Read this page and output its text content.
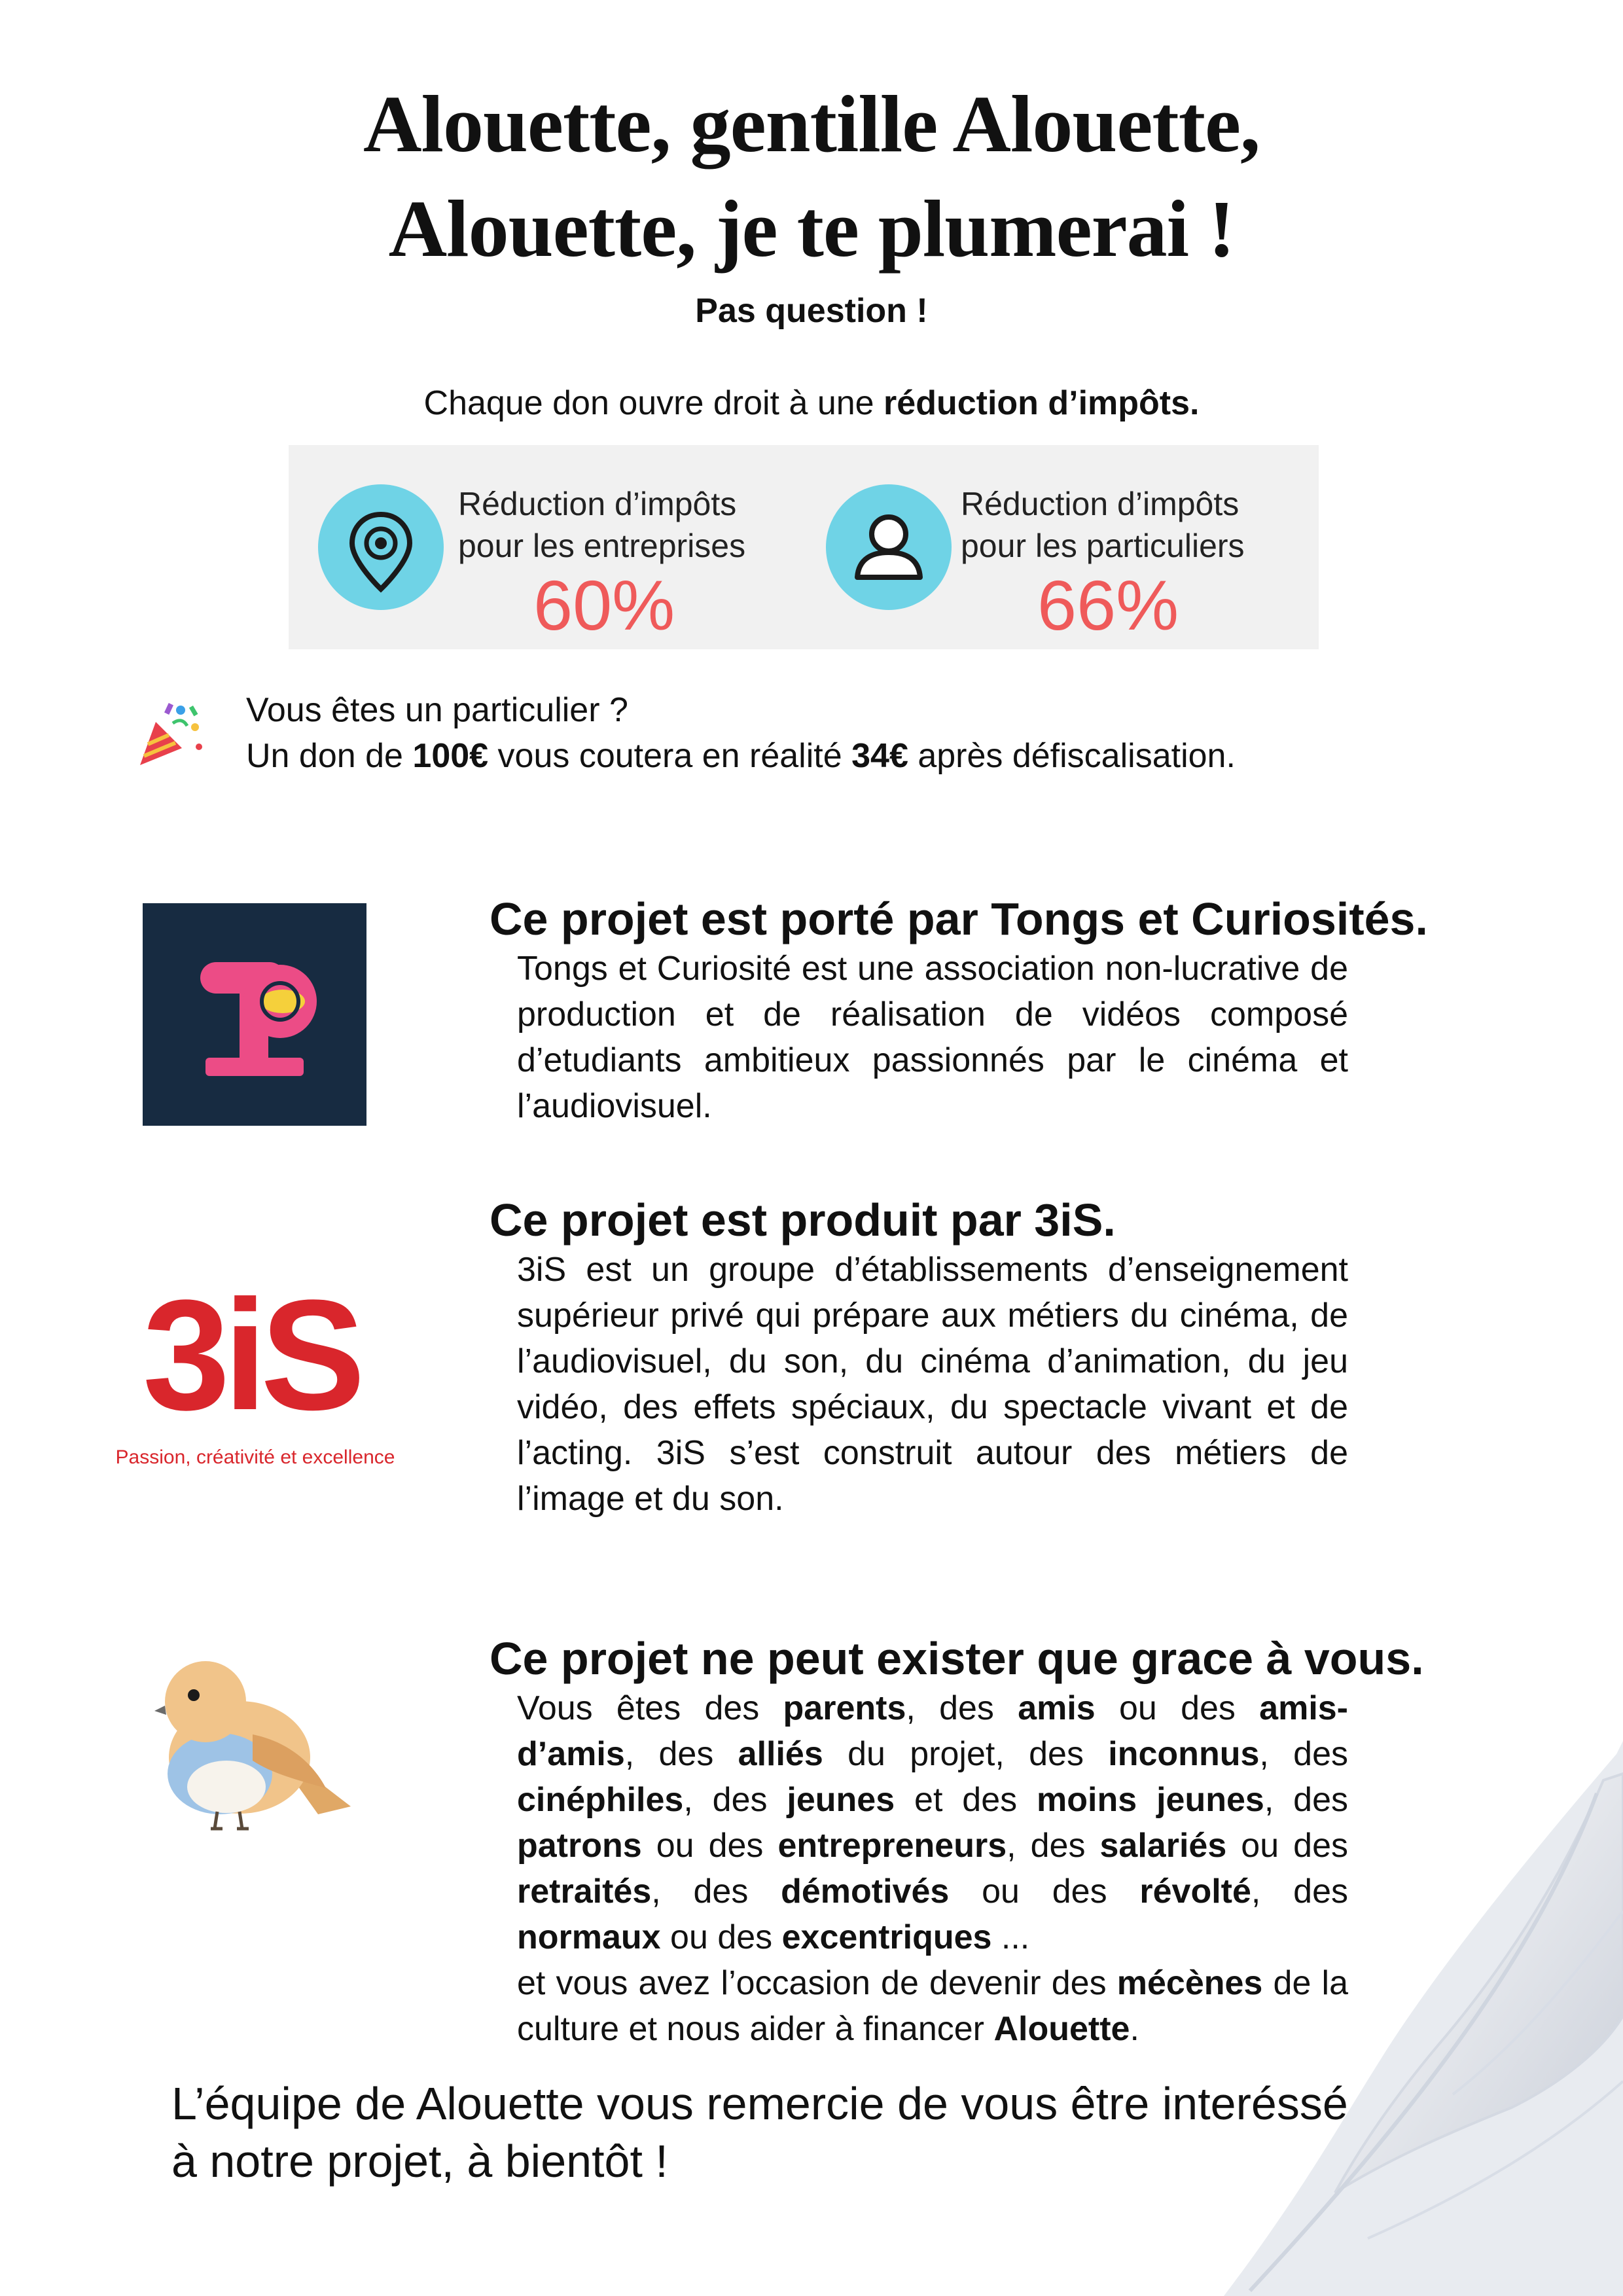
Alouette, gentille Alouette,
Alouette, je te plumerai !
Pas question !
Chaque don ouvre droit à une réduction d’impôts.
Réduction d’impôts
pour les entreprises
60%
Réduction d’impôts
pour les particuliers
66%
Vous êtes un particulier ?
Un don de 100€ vous coutera en réalité 34€ après défiscalisation.
Ce projet est porté par Tongs et Curiosités.
Tongs et Curiosité est une association non-lucrative de production et de réalisation de vidéos composé d’etudiants ambitieux passionnés par le cinéma et l’audiovisuel.
3iS
Passion, créativité et excellence
Ce projet est produit par 3iS.
3iS est un groupe d’établissements d’enseignement supérieur privé qui prépare aux métiers du cinéma, de l’audiovisuel, du son, du cinéma d’animation, du jeu vidéo, des effets spéciaux, du spectacle vivant et de l’acting. 3iS s’est construit autour des métiers de l’image et du son.
Ce projet ne peut exister que grace à vous.
Vous êtes des parents, des amis ou des amis-d’amis, des alliés du projet, des inconnus, des cinéphiles, des jeunes et des moins jeunes, des patrons ou des entrepreneurs, des salariés ou des retraités, des démotivés ou des révolté, des normaux ou des excentriques ...
et vous avez l’occasion de devenir des mécènes de la culture et nous aider à financer Alouette.
L’équipe de Alouette vous remercie de vous être interéssé
à notre projet, à bientôt !
